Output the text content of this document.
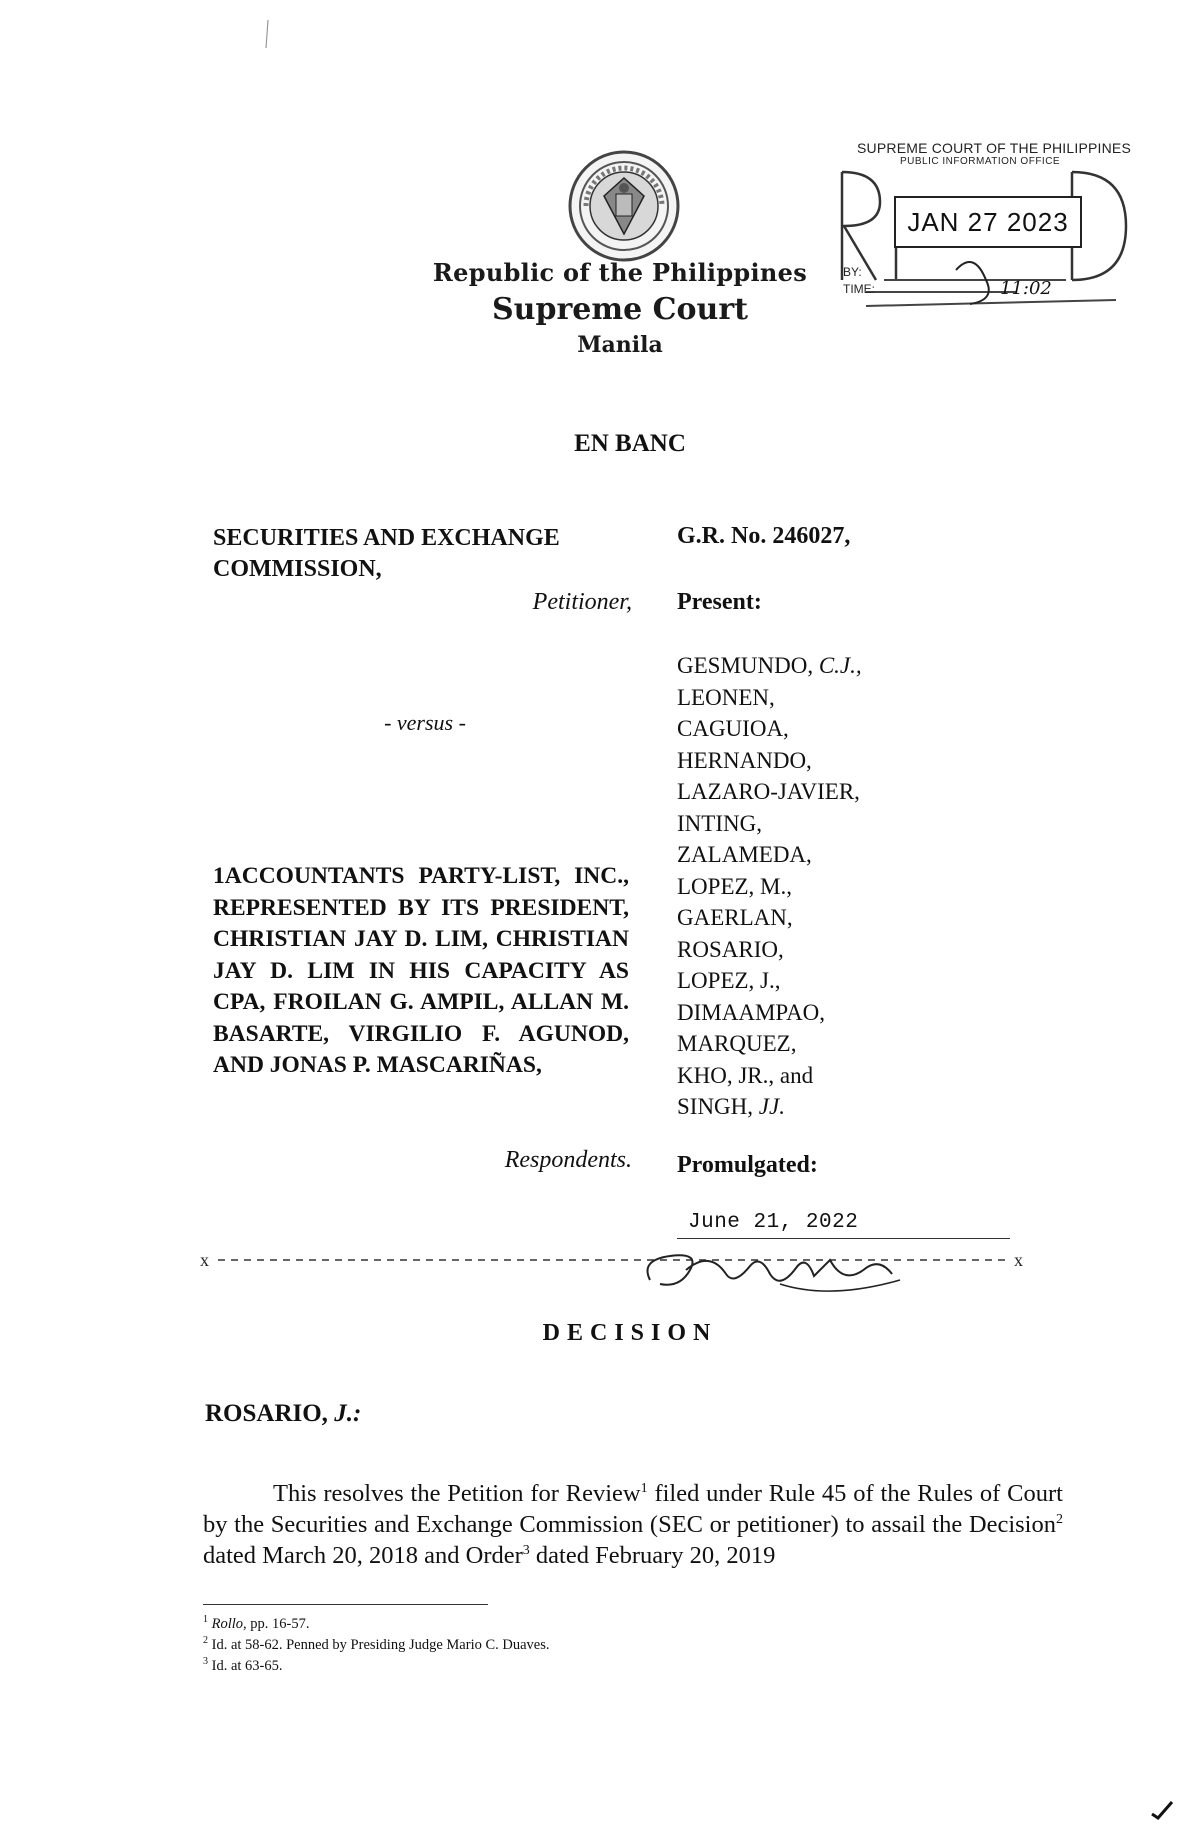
Republic of the Philippines
Supreme Court
Manila
SUPREME COURT OF THE PHILIPPINES
PUBLIC INFORMATION OFFICE
JAN 27 2023
BY:
TIME:	11:02
EN BANC
SECURITIES AND EXCHANGE COMMISSION,
Petitioner,
- versus -
1ACCOUNTANTS PARTY-LIST, INC., REPRESENTED BY ITS PRESIDENT, CHRISTIAN JAY D. LIM, CHRISTIAN JAY D. LIM IN HIS CAPACITY AS CPA, FROILAN G. AMPIL, ALLAN M. BASARTE, VIRGILIO F. AGUNOD, AND JONAS P. MASCARIÑAS,
Respondents.
G.R. No. 246027,
Present:
GESMUNDO, C.J.,
LEONEN,
CAGUIOA,
HERNANDO,
LAZARO-JAVIER,
INTING,
ZALAMEDA,
LOPEZ, M.,
GAERLAN,
ROSARIO,
LOPEZ, J.,
DIMAAMPAO,
MARQUEZ,
KHO, JR., and
SINGH, JJ.
Promulgated:
June 21, 2022
x	x
DECISION
ROSARIO, J.:

This resolves the Petition for Review$^1$ filed under Rule 45 of the Rules of Court by the Securities and Exchange Commission (SEC or petitioner) to assail the Decision$^2$ dated March 20, 2018 and Order$^3$ dated February 20, 2019

$^1$ Rollo, pp. 16-57.
$^2$ Id. at 58-62. Penned by Presiding Judge Mario C. Duaves.
$^3$ Id. at 63-65.
